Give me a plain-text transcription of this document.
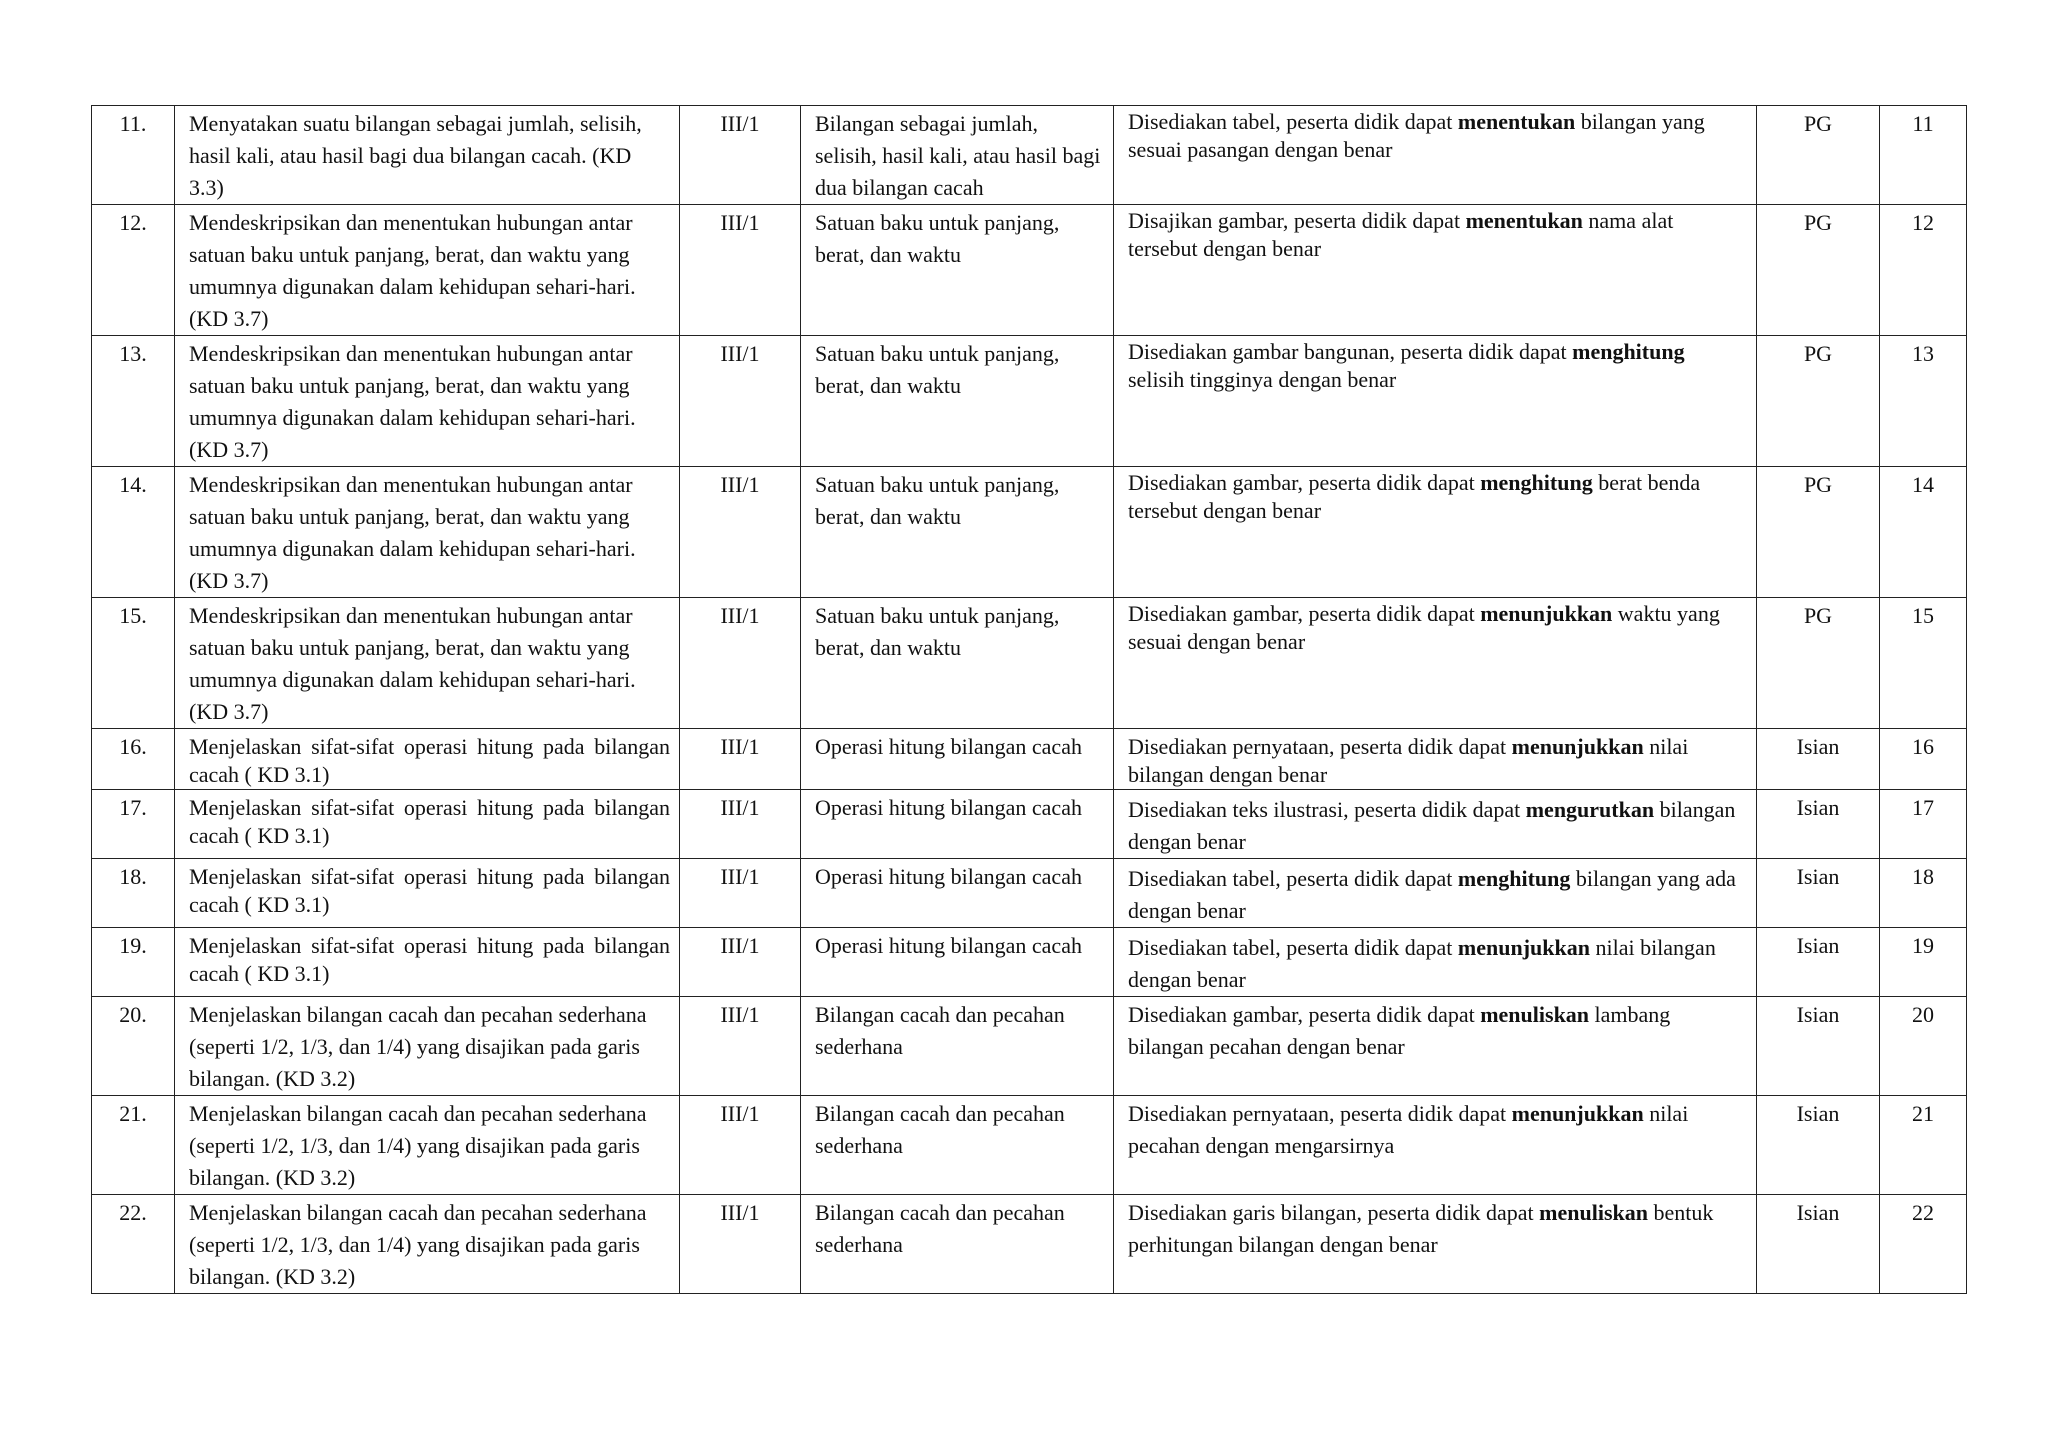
11.	Menyatakan suatu bilangan sebagai jumlah, selisih, hasil kali, atau hasil bagi dua bilangan cacah. (KD 3.3)	III/1	Bilangan sebagai jumlah, selisih, hasil kali, atau hasil bagi dua bilangan cacah	Disediakan tabel, peserta didik dapat menentukan bilangan yang sesuai pasangan dengan benar	PG	11
12.	Mendeskripsikan dan menentukan hubungan antar satuan baku untuk panjang, berat, dan waktu yang umumnya digunakan dalam kehidupan sehari-hari. (KD 3.7)	III/1	Satuan baku untuk panjang, berat, dan waktu	Disajikan gambar, peserta didik dapat menentukan nama alat tersebut dengan benar	PG	12
13.	Mendeskripsikan dan menentukan hubungan antar satuan baku untuk panjang, berat, dan waktu yang umumnya digunakan dalam kehidupan sehari-hari. (KD 3.7)	III/1	Satuan baku untuk panjang, berat, dan waktu	Disediakan gambar bangunan, peserta didik dapat menghitung selisih tingginya dengan benar	PG	13
14.	Mendeskripsikan dan menentukan hubungan antar satuan baku untuk panjang, berat, dan waktu yang umumnya digunakan dalam kehidupan sehari-hari. (KD 3.7)	III/1	Satuan baku untuk panjang, berat, dan waktu	Disediakan gambar, peserta didik dapat menghitung berat benda tersebut dengan benar	PG	14
15.	Mendeskripsikan dan menentukan hubungan antar satuan baku untuk panjang, berat, dan waktu yang umumnya digunakan dalam kehidupan sehari-hari. (KD 3.7)	III/1	Satuan baku untuk panjang, berat, dan waktu	Disediakan gambar, peserta didik dapat menunjukkan waktu yang sesuai dengan benar	PG	15
16.	Menjelaskan sifat-sifat operasi hitung pada bilangan cacah ( KD 3.1)	III/1	Operasi hitung bilangan cacah	Disediakan pernyataan, peserta didik dapat menunjukkan nilai bilangan dengan benar	Isian	16
17.	Menjelaskan sifat-sifat operasi hitung pada bilangan cacah ( KD 3.1)	III/1	Operasi hitung bilangan cacah	Disediakan teks ilustrasi, peserta didik dapat mengurutkan bilangan dengan benar	Isian	17
18.	Menjelaskan sifat-sifat operasi hitung pada bilangan cacah ( KD 3.1)	III/1	Operasi hitung bilangan cacah	Disediakan tabel, peserta didik dapat menghitung bilangan yang ada dengan benar	Isian	18
19.	Menjelaskan sifat-sifat operasi hitung pada bilangan cacah ( KD 3.1)	III/1	Operasi hitung bilangan cacah	Disediakan tabel, peserta didik dapat menunjukkan nilai bilangan dengan benar	Isian	19
20.	Menjelaskan bilangan cacah dan pecahan sederhana (seperti 1/2, 1/3, dan 1/4) yang disajikan pada garis bilangan. (KD 3.2)	III/1	Bilangan cacah dan pecahan sederhana	Disediakan gambar, peserta didik dapat menuliskan lambang bilangan pecahan dengan benar	Isian	20
21.	Menjelaskan bilangan cacah dan pecahan sederhana (seperti 1/2, 1/3, dan 1/4) yang disajikan pada garis bilangan. (KD 3.2)	III/1	Bilangan cacah dan pecahan sederhana	Disediakan pernyataan, peserta didik dapat menunjukkan nilai pecahan dengan mengarsirnya	Isian	21
22.	Menjelaskan bilangan cacah dan pecahan sederhana (seperti 1/2, 1/3, dan 1/4) yang disajikan pada garis bilangan. (KD 3.2)	III/1	Bilangan cacah dan pecahan sederhana	Disediakan garis bilangan, peserta didik dapat menuliskan bentuk perhitungan bilangan dengan benar	Isian	22
